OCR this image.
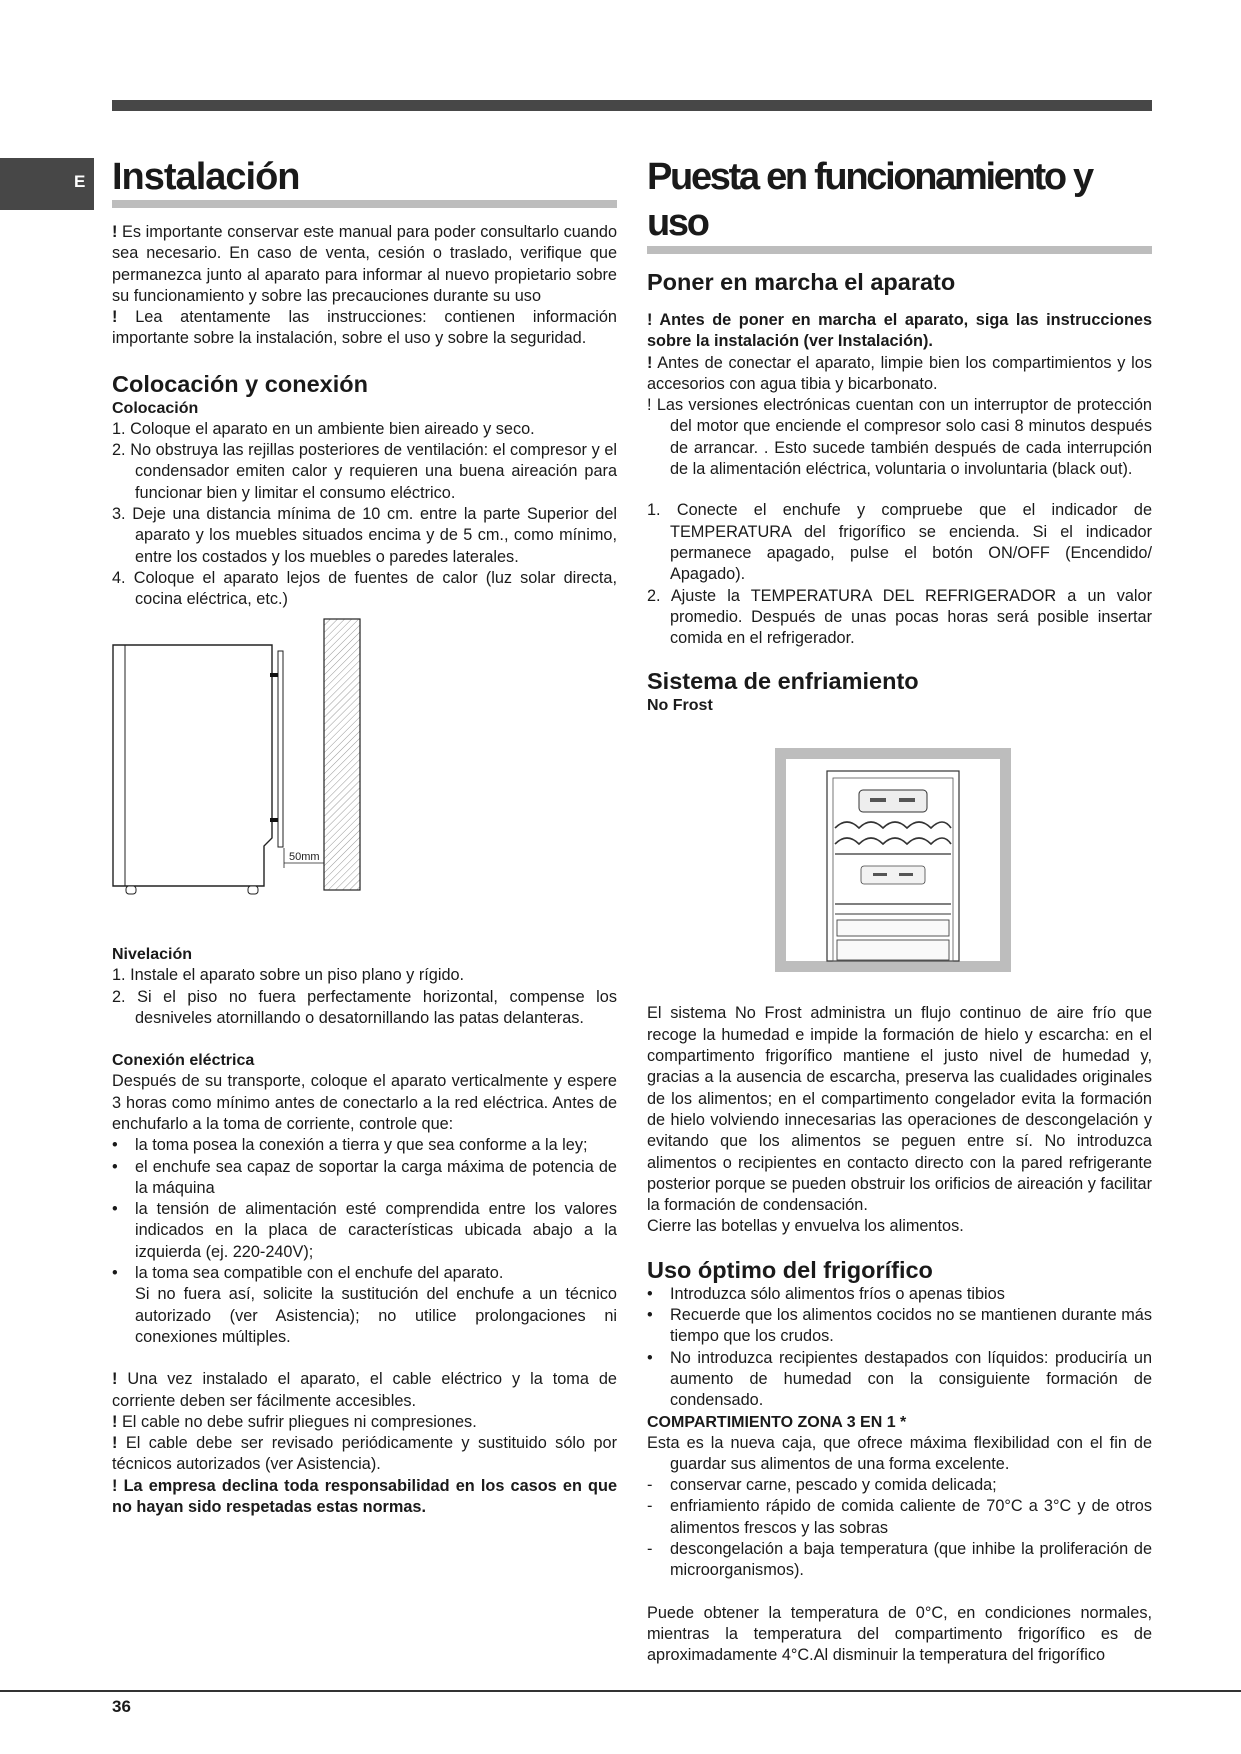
E Instalación

! Es importante conservar este manual para poder consultarlo cuando sea necesario. En caso de venta, cesión o traslado, verifique que permanezca junto al aparato para informar al nuevo propietario sobre su funcionamiento y sobre las precauciones durante su uso

! Lea atentamente las instrucciones: contienen información importante sobre la instalación, sobre el uso y sobre la seguridad.

Colocación y conexión
Colocación
1. Coloque el aparato en un ambiente bien aireado y seco.
2. No obstruya las rejillas posteriores de ventilación: el compresor y el condensador emiten calor y requieren una buena aireación para funcionar bien y limitar el consumo eléctrico.
3. Deje una distancia mínima de 10 cm. entre la parte Superior del aparato y los muebles situados encima y de 5 cm., como mínimo, entre los costados y los muebles o paredes laterales.
4. Coloque el aparato lejos de fuentes de calor (luz solar directa, cocina eléctrica, etc.)
50mm
Nivelación
1. Instale el aparato sobre un piso plano y rígido.
2. Si el piso no fuera perfectamente horizontal, compense los desniveles atornillando o desatornillando las patas delanteras.
Conexión eléctrica

Después de su transporte, coloque el aparato verticalmente y espere 3 horas como mínimo antes de conectarlo a la red eléctrica. Antes de enchufarlo a la toma de corriente, controle que:

• la toma posea la conexión a tierra y que sea conforme a la ley;
• el enchufe sea capaz de soportar la carga máxima de potencia de la máquina
• la tensión de alimentación esté comprendida entre los valores indicados en la placa de características ubicada abajo a la izquierda (ej. 220-240V);
• la toma sea compatible con el enchufe del aparato.

Si no fuera así, solicite la sustitución del enchufe a un técnico autorizado (ver Asistencia); no utilice prolongaciones ni conexiones múltiples.

! Una vez instalado el aparato, el cable eléctrico y la toma de corriente deben ser fácilmente accesibles.

! El cable no debe sufrir pliegues ni compresiones.

! El cable debe ser revisado periódicamente y sustituido sólo por técnicos autorizados (ver Asistencia).

! La empresa declina toda responsabilidad en los casos en que no hayan sido respetadas estas normas.

Puesta en funcionamiento y uso
Poner en marcha el aparato

! Antes de poner en marcha el aparato, siga las instrucciones sobre la instalación (ver Instalación).

! Antes de conectar el aparato, limpie bien los compartimientos y los accesorios con agua tibia y bicarbonato.

! Las versiones electrónicas cuentan con un interruptor de protección del motor que enciende el compresor solo casi 8 minutos después de arrancar. . Esto sucede también después de cada interrupción de la alimentación eléctrica, voluntaria o involuntaria (black out).

1. Conecte el enchufe y compruebe que el indicador de TEMPERATURA del frigorífico se encienda. Si el indicador permanece apagado, pulse el botón ON/OFF (Encendido/ Apagado).
2. Ajuste la TEMPERATURA DEL REFRIGERADOR a un valor promedio. Después de unas pocas horas será posible insertar comida en el refrigerador.
Sistema de enfriamiento
No Frost

El sistema No Frost administra un flujo continuo de aire frío que recoge la humedad e impide la formación de hielo y escarcha: en el compartimento frigorífico mantiene el justo nivel de humedad y, gracias a la ausencia de escarcha, preserva las cualidades originales de los alimentos; en el compartimento congelador evita la formación de hielo volviendo innecesarias las operaciones de descongelación y evitando que los alimentos se peguen entre sí. No introduzca alimentos o recipientes en contacto directo con la pared refrigerante posterior porque se pueden obstruir los orificios de aireación y facilitar la formación de condensación.

Cierre las botellas y envuelva los alimentos.

Uso óptimo del frigorífico
• Introduzca sólo alimentos fríos o apenas tibios
• Recuerde que los alimentos cocidos no se mantienen durante más tiempo que los crudos.
• No introduzca recipientes destapados con líquidos: produciría un aumento de humedad con la consiguiente formación de condensado.
COMPARTIMIENTO ZONA 3 EN 1 *

Esta es la nueva caja, que ofrece máxima flexibilidad con el fin de guardar sus alimentos de una forma excelente.

- conservar carne, pescado y comida delicada;
- enfriamiento rápido de comida caliente de 70°C a 3°C y de otros alimentos frescos y las sobras
- descongelación a baja temperatura (que inhibe la proliferación de microorganismos).

Puede obtener la temperatura de 0°C, en condiciones normales, mientras la temperatura del compartimento frigorífico es de aproximadamente 4°C.Al disminuir la temperatura del frigorífico

36
